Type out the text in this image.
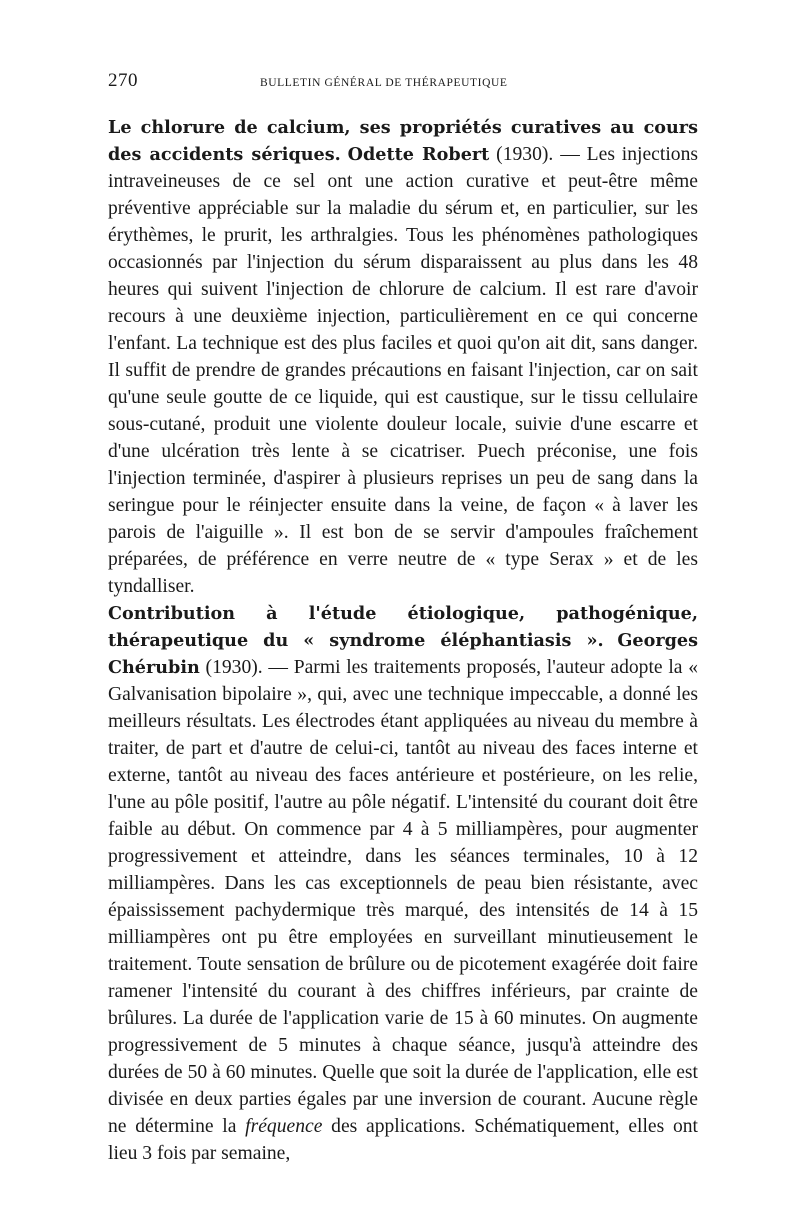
270	BULLETIN GÉNÉRAL DE THÉRAPEUTIQUE

Le chlorure de calcium, ses propriétés curatives au cours des accidents sériques. Odette Robert (1930). — Les injections intraveineuses de ce sel ont une action curative et peut-être même préventive appréciable sur la maladie du sérum et, en particulier, sur les érythèmes, le prurit, les arthralgies. Tous les phénomènes pathologiques occasionnés par l'injection du sérum disparaissent au plus dans les 48 heures qui suivent l'injection de chlorure de calcium. Il est rare d'avoir recours à une deuxième injection, particulièrement en ce qui concerne l'enfant. La technique est des plus faciles et quoi qu'on ait dit, sans danger. Il suffit de prendre de grandes précautions en faisant l'injection, car on sait qu'une seule goutte de ce liquide, qui est caustique, sur le tissu cellulaire sous-cutané, produit une violente douleur locale, suivie d'une escarre et d'une ulcération très lente à se cicatriser. Puech préconise, une fois l'injection terminée, d'aspirer à plusieurs reprises un peu de sang dans la seringue pour le réinjecter ensuite dans la veine, de façon « à laver les parois de l'aiguille ». Il est bon de se servir d'ampoules fraîchement préparées, de préférence en verre neutre de « type Serax » et de les tyndalliser.

Contribution à l'étude étiologique, pathogénique, thérapeutique du « syndrome éléphantiasis ». Georges Chérubin (1930). — Parmi les traitements proposés, l'auteur adopte la « Galvanisation bipolaire », qui, avec une technique impeccable, a donné les meilleurs résultats. Les électrodes étant appliquées au niveau du membre à traiter, de part et d'autre de celui-ci, tantôt au niveau des faces interne et externe, tantôt au niveau des faces antérieure et postérieure, on les relie, l'une au pôle positif, l'autre au pôle négatif. L'intensité du courant doit être faible au début. On commence par 4 à 5 milliampères, pour augmenter progressivement et atteindre, dans les séances terminales, 10 à 12 milliampères. Dans les cas exceptionnels de peau bien résistante, avec épaississement pachydermique très marqué, des intensités de 14 à 15 milliampères ont pu être employées en surveillant minutieusement le traitement. Toute sensation de brûlure ou de picotement exagérée doit faire ramener l'intensité du courant à des chiffres inférieurs, par crainte de brûlures. La durée de l'application varie de 15 à 60 minutes. On augmente progressivement de 5 minutes à chaque séance, jusqu'à atteindre des durées de 50 à 60 minutes. Quelle que soit la durée de l'application, elle est divisée en deux parties égales par une inversion de courant. Aucune règle ne détermine la fréquence des applications. Schématiquement, elles ont lieu 3 fois par semaine,
